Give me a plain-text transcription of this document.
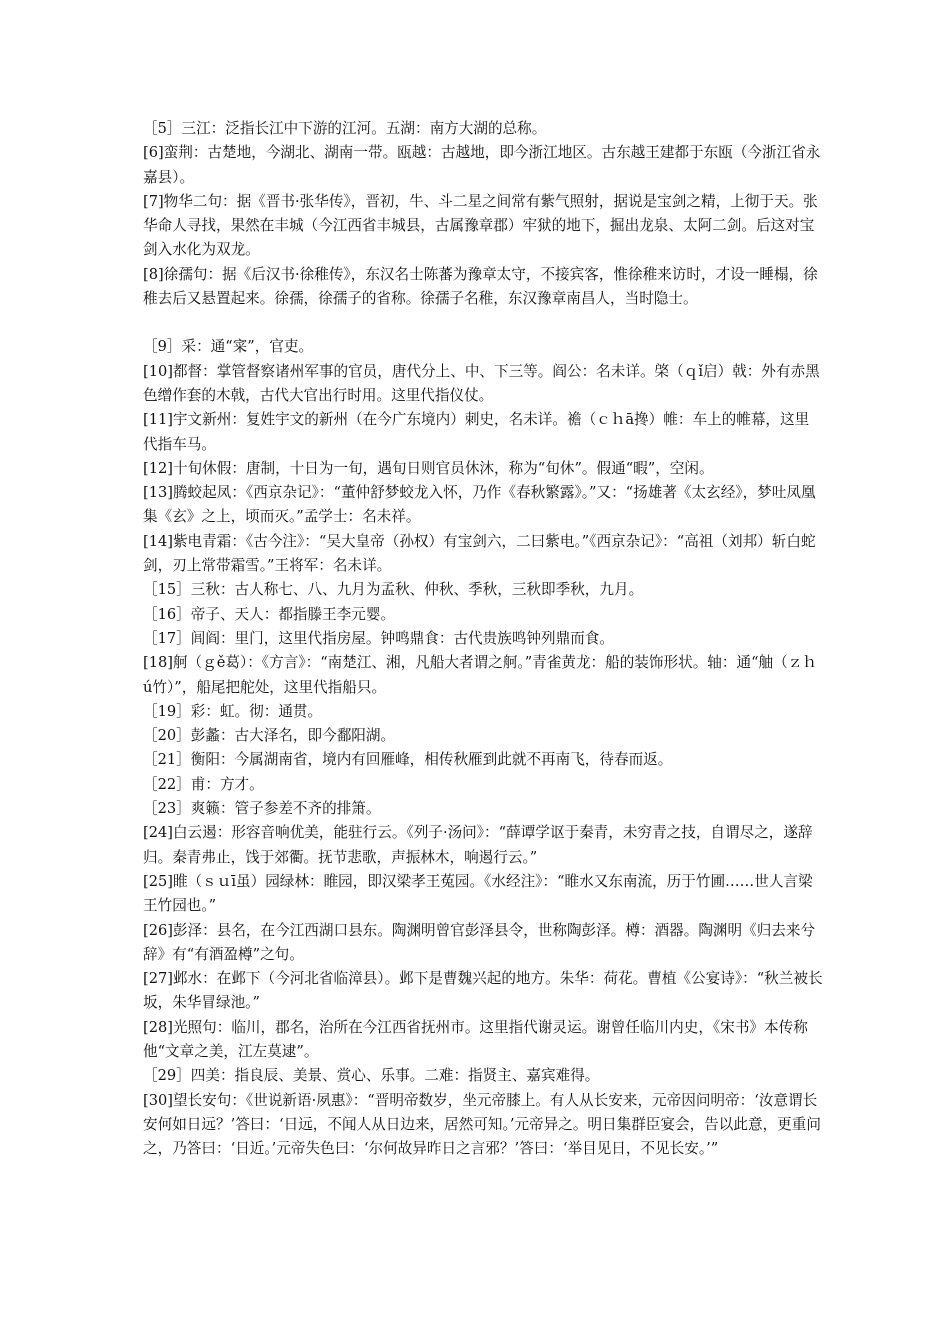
［5］三江：泛指长江中下游的江河。五湖：南方大湖的总称。

[6]蛮荆：古楚地，今湖北、湖南一带。瓯越：古越地，即今浙江地区。古东越王建都于东瓯（今浙江省永嘉县）。

[7]物华二句：据《晋书·张华传》，晋初，牛、斗二星之间常有紫气照射，据说是宝剑之精，上彻于天。张华命人寻找，果然在丰城（今江西省丰城县，古属豫章郡）牢狱的地下，掘出龙泉、太阿二剑。后这对宝剑入水化为双龙。

[8]徐孺句：据《后汉书·徐稚传》，东汉名士陈蕃为豫章太守，不接宾客，惟徐稚来访时，才设一睡榻，徐稚去后又悬置起来。徐孺，徐孺子的省称。徐孺子名稚，东汉豫章南昌人，当时隐士。

［9］采：通“寀”，官吏。

[10]都督：掌管督察诸州军事的官员，唐代分上、中、下三等。阎公：名未详。棨（ｑǐ启）戟：外有赤黑色缯作套的木戟，古代大官出行时用。这里代指仪仗。

[11]宇文新州：复姓宇文的新州（在今广东境内）刺史，名未详。襜（ｃｈā搀）帷：车上的帷幕，这里代指车马。

[12]十旬休假：唐制，十日为一旬，遇旬日则官员休沐，称为“旬休”。假通“暇”，空闲。

[13]腾蛟起凤：《西京杂记》：“董仲舒梦蛟龙入怀，乃作《春秋繁露》。”又：“扬雄著《太玄经》，梦吐凤凰集《玄》之上，顷而灭。”孟学士：名未祥。

[14]紫电青霜：《古今注》：“吴大皇帝（孙权）有宝剑六，二曰紫电。”《西京杂记》：“高祖（刘邦）斩白蛇剑，刃上常带霜雪。”王将军：名未详。

［15］三秋：古人称七、八、九月为孟秋、仲秋、季秋，三秋即季秋，九月。

［16］帝子、天人：都指滕王李元婴。

［17］闾阎：里门，这里代指房屋。钟鸣鼎食：古代贵族鸣钟列鼎而食。

[18]舸（ｇě葛）：《方言》：“南楚江、湘，凡船大者谓之舸。”青雀黄龙：船的装饰形状。轴：通“舳（ｚｈú竹）”，船尾把舵处，这里代指船只。

［19］彩：虹。彻：通贯。

［20］彭蠡：古大泽名，即今鄱阳湖。

［21］衡阳：今属湖南省，境内有回雁峰，相传秋雁到此就不再南飞，待春而返。

［22］甫：方才。

［23］爽籁：管子参差不齐的排箫。

[24]白云遏：形容音响优美，能驻行云。《列子·汤问》：“薛谭学讴于秦青，未穷青之技，自谓尽之，遂辞归。秦青弗止，饯于郊衢。抚节悲歌，声振林木，响遏行云。”

[25]睢（ｓｕī虽）园绿林：睢园，即汉梁孝王菟园。《水经注》：“睢水又东南流，历于竹圃……世人言梁王竹园也。”

[26]彭泽：县名，在今江西湖口县东。陶渊明曾官彭泽县令，世称陶彭泽。樽：酒器。陶渊明《归去来兮辞》有“有酒盈樽”之句。

[27]邺水：在邺下（今河北省临漳县）。邺下是曹魏兴起的地方。朱华：荷花。曹植《公宴诗》：“秋兰被长坂，朱华冒绿池。”

[28]光照句：临川，郡名，治所在今江西省抚州市。这里指代谢灵运。谢曾任临川内史，《宋书》本传称他“文章之美，江左莫逮”。

［29］四美：指良辰、美景、赏心、乐事。二难：指贤主、嘉宾难得。

[30]望长安句：《世说新语·夙惠》：“晋明帝数岁，坐元帝膝上。有人从长安来，元帝因问明帝：‘汝意谓长安何如日远？’答曰：‘日远，不闻人从日边来，居然可知。’元帝异之。明日集群臣宴会，告以此意，更重问之，乃答曰：‘日近。’元帝失色曰：‘尔何故异昨日之言邪？’答曰：‘举目见日，不见长安。’”
